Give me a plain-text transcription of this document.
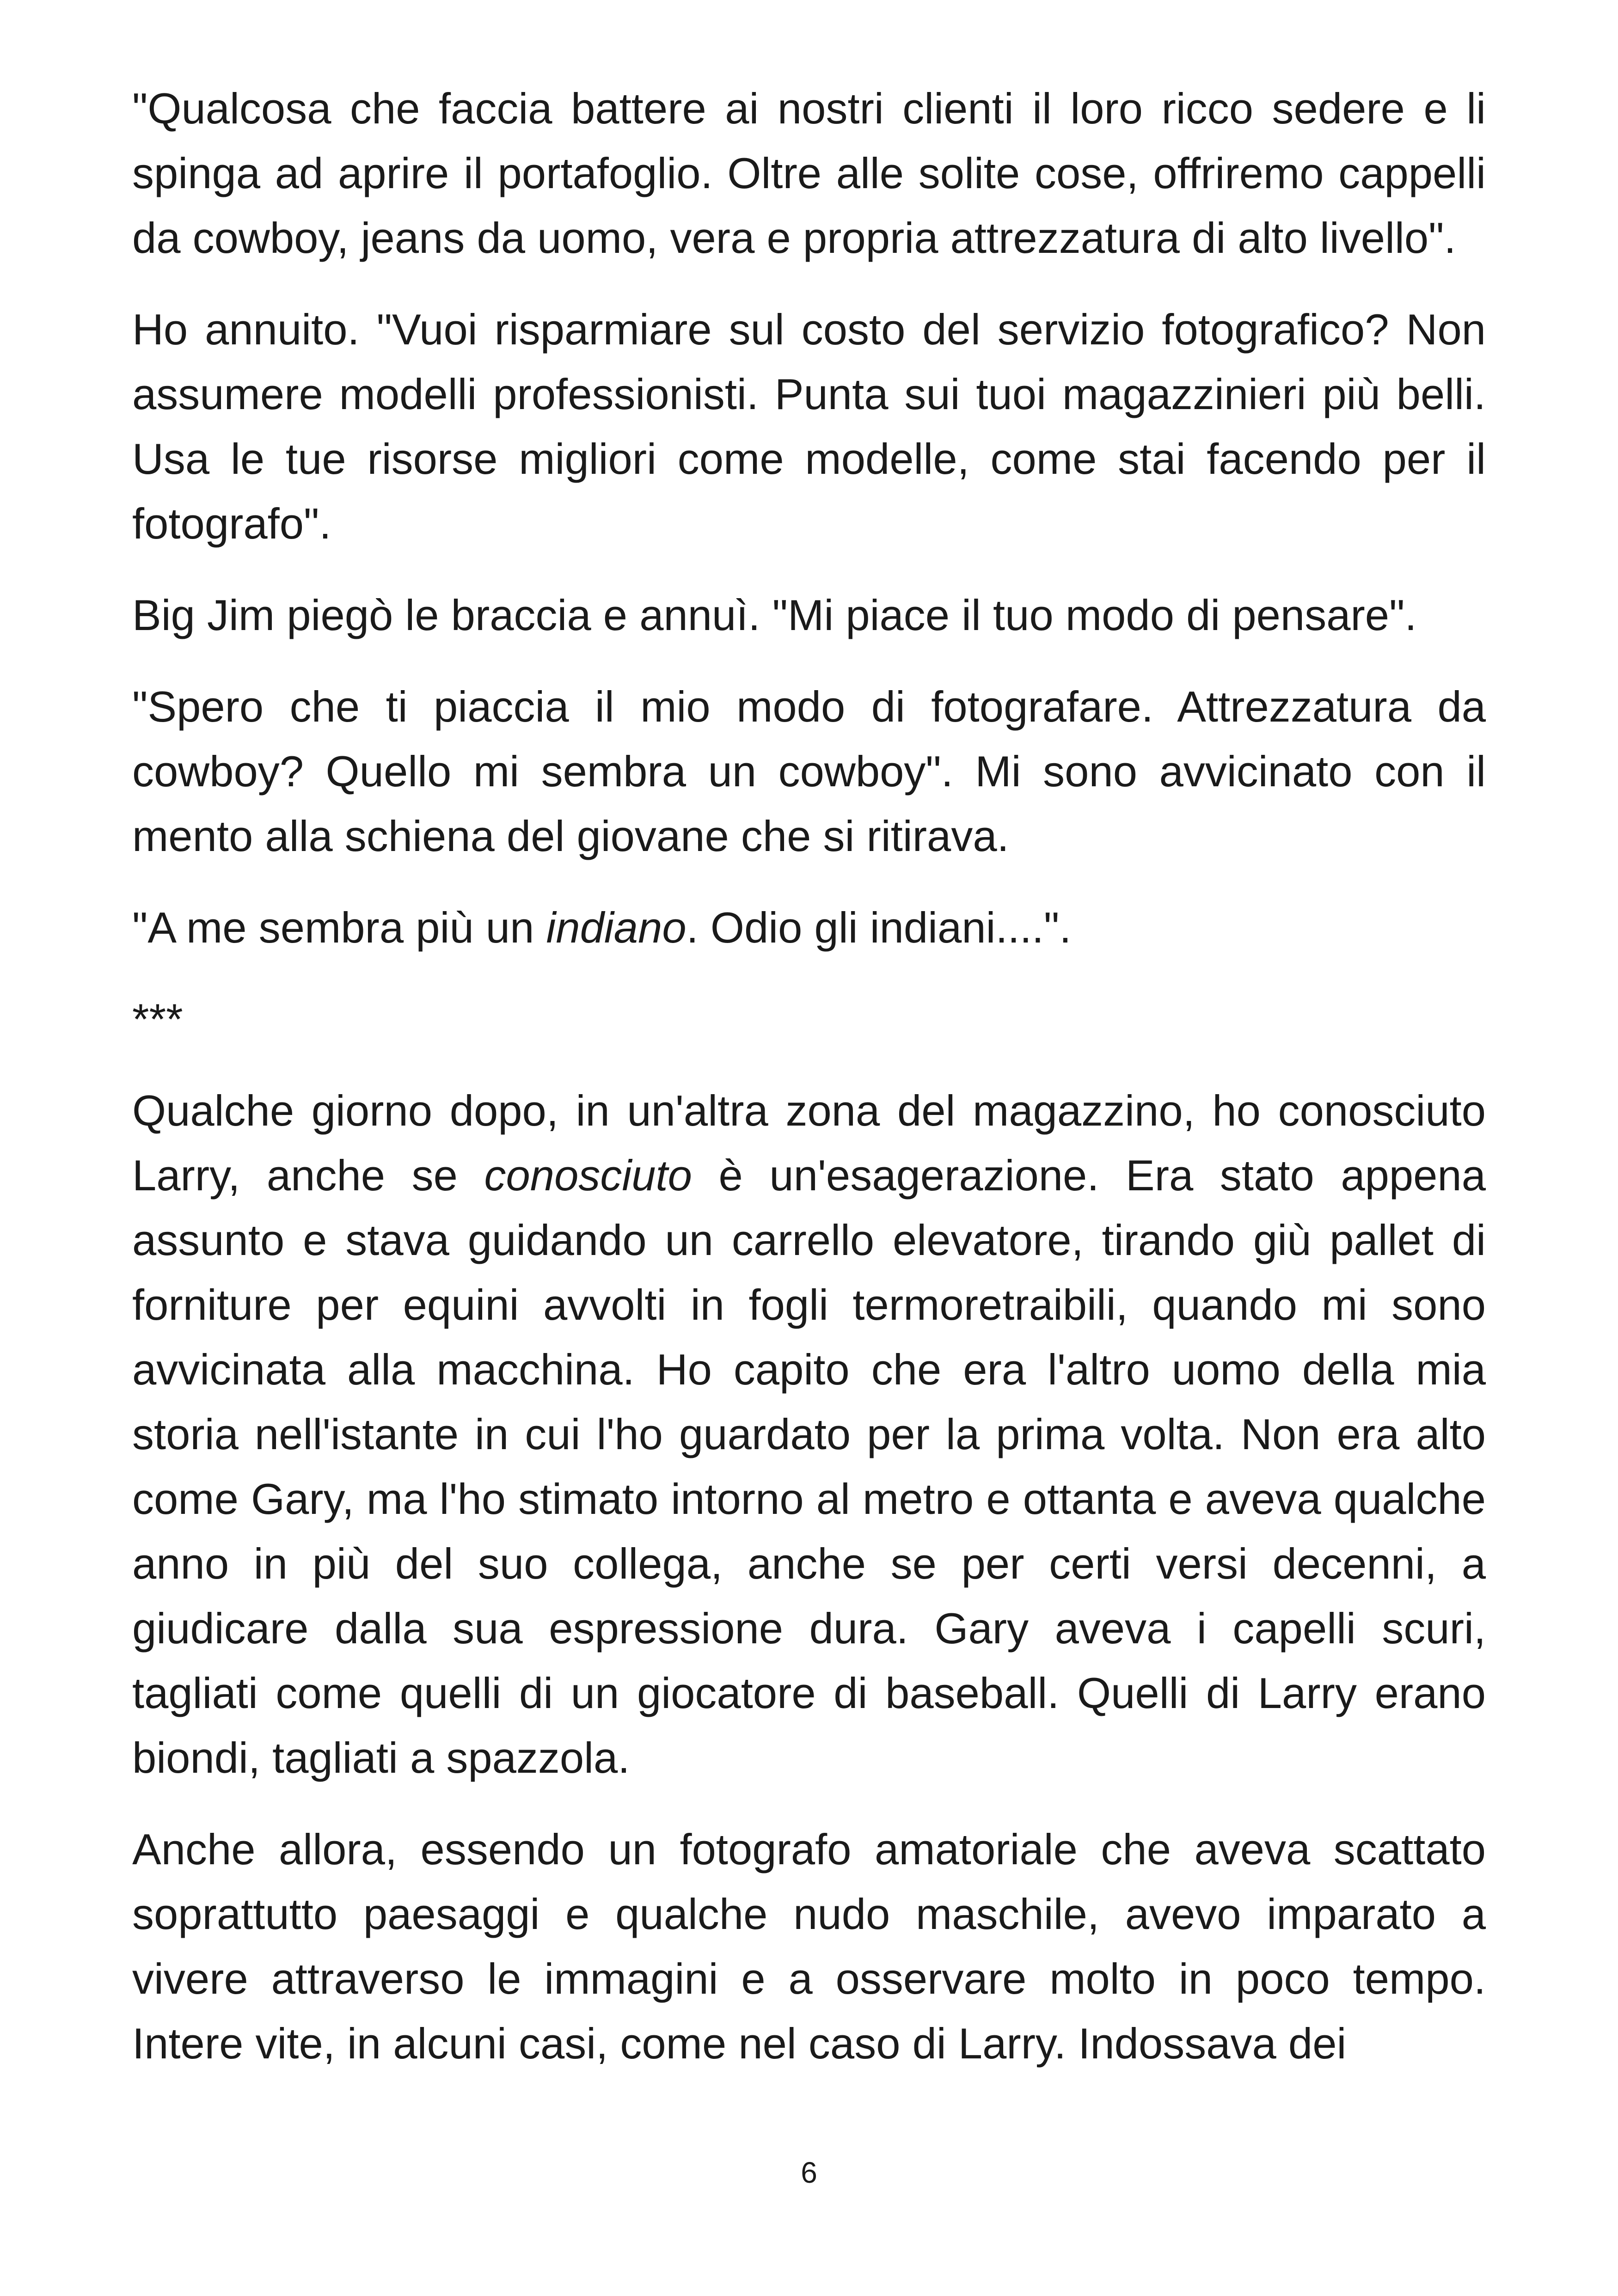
"Qualcosa che faccia battere ai nostri clienti il loro ricco sedere e li spinga ad aprire il portafoglio. Oltre alle solite cose, offriremo cappelli da cowboy, jeans da uomo, vera e propria attrezzatura di alto livello".

Ho annuito. "Vuoi risparmiare sul costo del servizio fotografico? Non assumere modelli professionisti. Punta sui tuoi magazzinieri più belli. Usa le tue risorse migliori come modelle, come stai facendo per il fotografo".

Big Jim piegò le braccia e annuì. "Mi piace il tuo modo di pensare".

"Spero che ti piaccia il mio modo di fotografare. Attrezzatura da cowboy? Quello mi sembra un cowboy". Mi sono avvicinato con il mento alla schiena del giovane che si ritirava.

"A me sembra più un indiano. Odio gli indiani....".

***

Qualche giorno dopo, in un'altra zona del magazzino, ho conosciuto Larry, anche se conosciuto è un'esagerazione. Era stato appena assunto e stava guidando un carrello elevatore, tirando giù pallet di forniture per equini avvolti in fogli termoretraibili, quando mi sono avvicinata alla macchina. Ho capito che era l'altro uomo della mia storia nell'istante in cui l'ho guardato per la prima volta. Non era alto come Gary, ma l'ho stimato intorno al metro e ottanta e aveva qualche anno in più del suo collega, anche se per certi versi decenni, a giudicare dalla sua espressione dura. Gary aveva i capelli scuri, tagliati come quelli di un giocatore di baseball. Quelli di Larry erano biondi, tagliati a spazzola.

Anche allora, essendo un fotografo amatoriale che aveva scattato soprattutto paesaggi e qualche nudo maschile, avevo imparato a vivere attraverso le immagini e a osservare molto in poco tempo. Intere vite, in alcuni casi, come nel caso di Larry. Indossava dei

6
